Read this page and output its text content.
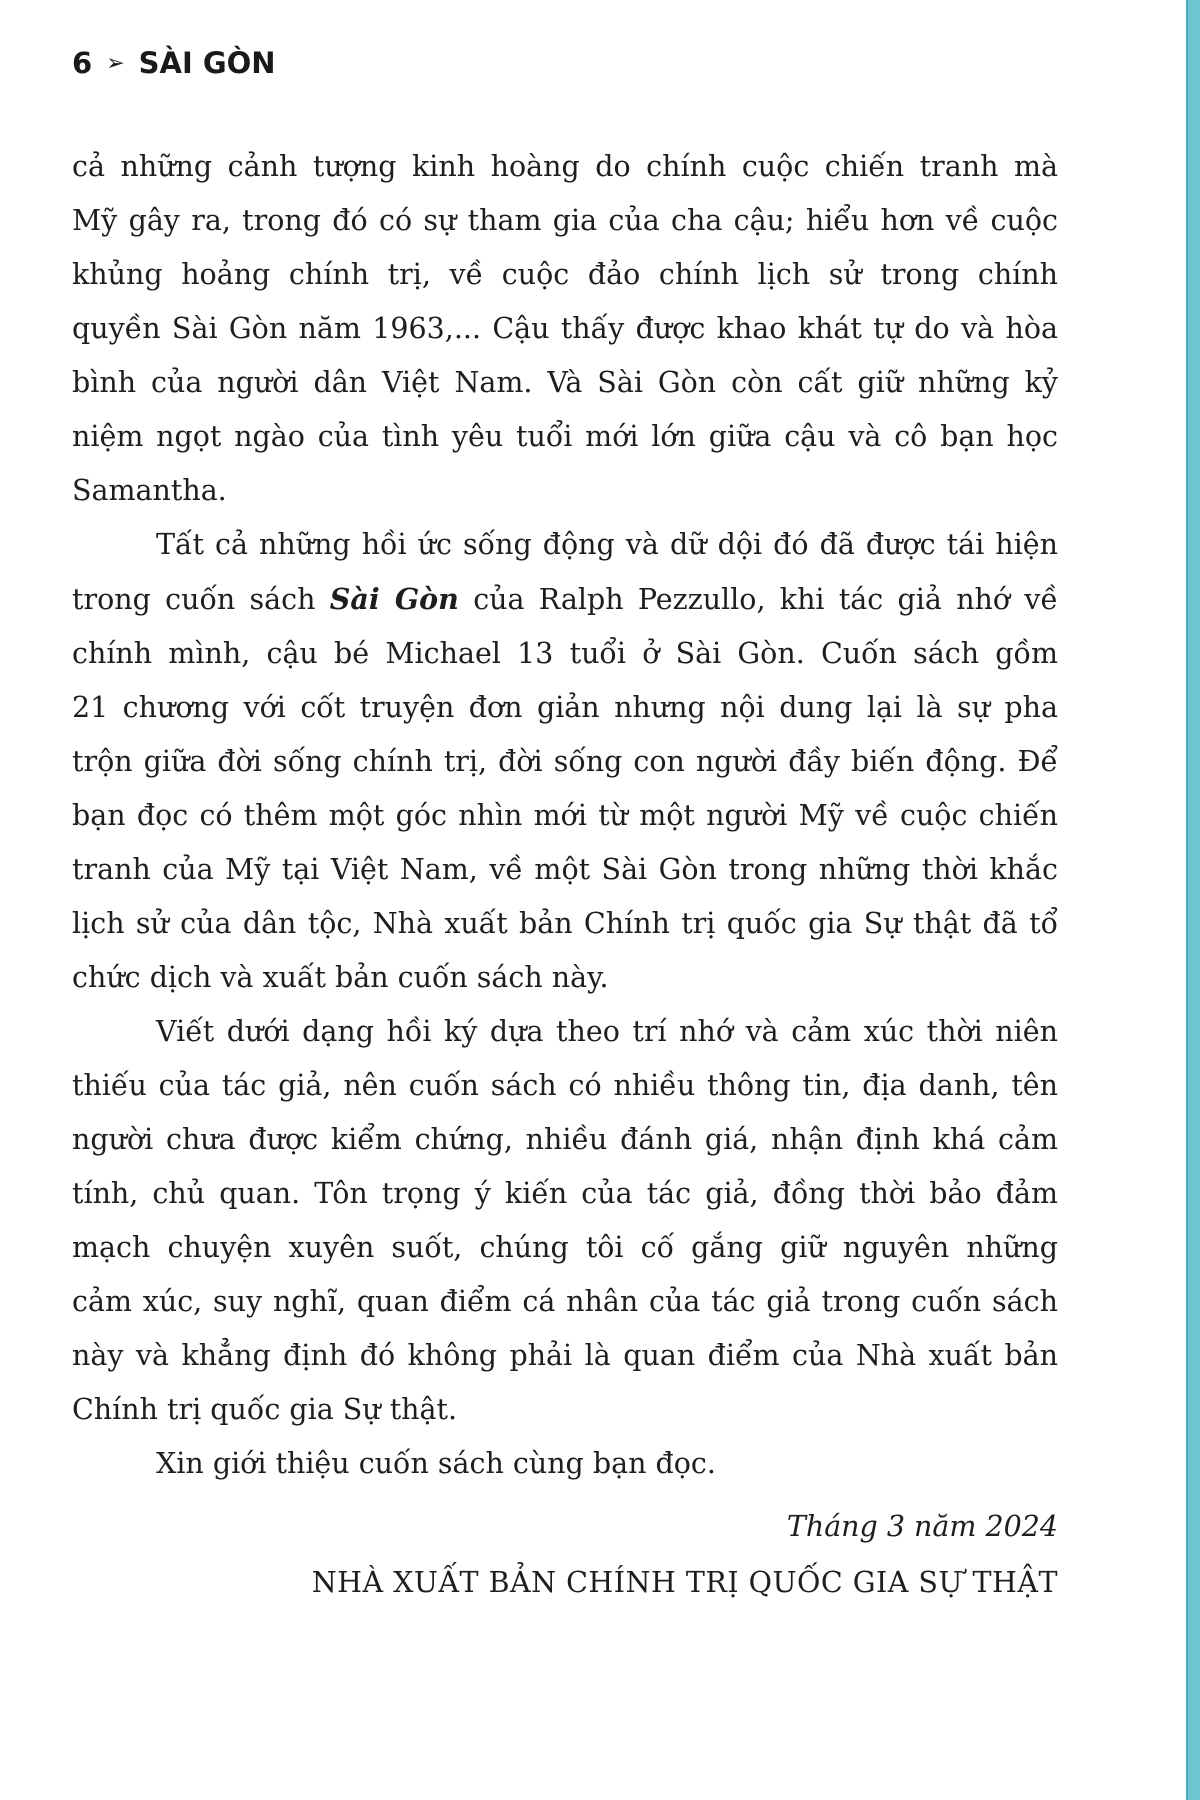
6 ➢ SÀI GÒN
cả những cảnh tượng kinh hoàng do chính cuộc chiến tranh mà
Mỹ gây ra, trong đó có sự tham gia của cha cậu; hiểu hơn về cuộc
khủng hoảng chính trị, về cuộc đảo chính lịch sử trong chính
quyền Sài Gòn năm 1963,... Cậu thấy được khao khát tự do và hòa
bình của người dân Việt Nam. Và Sài Gòn còn cất giữ những kỷ
niệm ngọt ngào của tình yêu tuổi mới lớn giữa cậu và cô bạn học
Samantha.
Tất cả những hồi ức sống động và dữ dội đó đã được tái hiện
trong cuốn sách Sài Gòn của Ralph Pezzullo, khi tác giả nhớ về
chính mình, cậu bé Michael 13 tuổi ở Sài Gòn. Cuốn sách gồm
21 chương với cốt truyện đơn giản nhưng nội dung lại là sự pha
trộn giữa đời sống chính trị, đời sống con người đầy biến động. Để
bạn đọc có thêm một góc nhìn mới từ một người Mỹ về cuộc chiến
tranh của Mỹ tại Việt Nam, về một Sài Gòn trong những thời khắc
lịch sử của dân tộc, Nhà xuất bản Chính trị quốc gia Sự thật đã tổ
chức dịch và xuất bản cuốn sách này.
Viết dưới dạng hồi ký dựa theo trí nhớ và cảm xúc thời niên
thiếu của tác giả, nên cuốn sách có nhiều thông tin, địa danh, tên
người chưa được kiểm chứng, nhiều đánh giá, nhận định khá cảm
tính, chủ quan. Tôn trọng ý kiến của tác giả, đồng thời bảo đảm
mạch chuyện xuyên suốt, chúng tôi cố gắng giữ nguyên những
cảm xúc, suy nghĩ, quan điểm cá nhân của tác giả trong cuốn sách
này và khẳng định đó không phải là quan điểm của Nhà xuất bản
Chính trị quốc gia Sự thật.
Xin giới thiệu cuốn sách cùng bạn đọc.
Tháng 3 năm 2024
NHÀ XUẤT BẢN CHÍNH TRỊ QUỐC GIA SỰ THẬT
